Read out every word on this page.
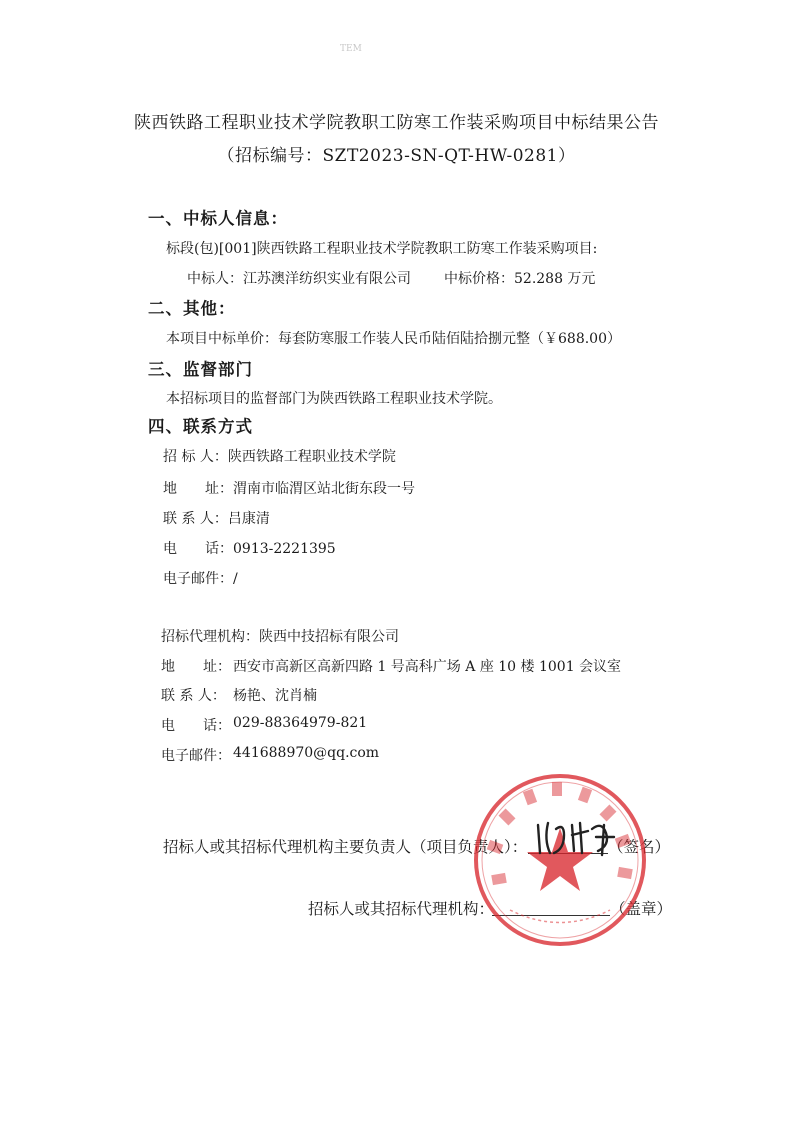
TEM
陕西铁路工程职业技术学院教职工防寒工作装采购项目中标结果公告
（招标编号：SZT2023-SN-QT-HW-0281）
一、中标人信息：
标段(包)[001]陕西铁路工程职业技术学院教职工防寒工作装采购项目:
中标人：江苏澳洋纺织实业有限公司 中标价格：52.288 万元
二、其他：
本项目中标单价：每套防寒服工作装人民币陆佰陆拾捌元整（￥688.00）
三、监督部门
本招标项目的监督部门为陕西铁路工程职业技术学院。
四、联系方式
招 标 人：陕西铁路工程职业技术学院
地　　址：渭南市临渭区站北街东段一号
联 系 人：吕康清
电　　话：0913-2221395
电子邮件：/
招标代理机构：陕西中技招标有限公司
地　　址： 西安市高新区高新四路 1 号高科广场 A 座 10 楼 1001 会议室
联 系 人： 杨艳、沈肖楠
电　　话： 029-88364979-821
电子邮件： 441688970@qq.com
招标人或其招标代理机构主要负责人（项目负责人）：	（签名）
招标人或其招标代理机构：	（盖章）
